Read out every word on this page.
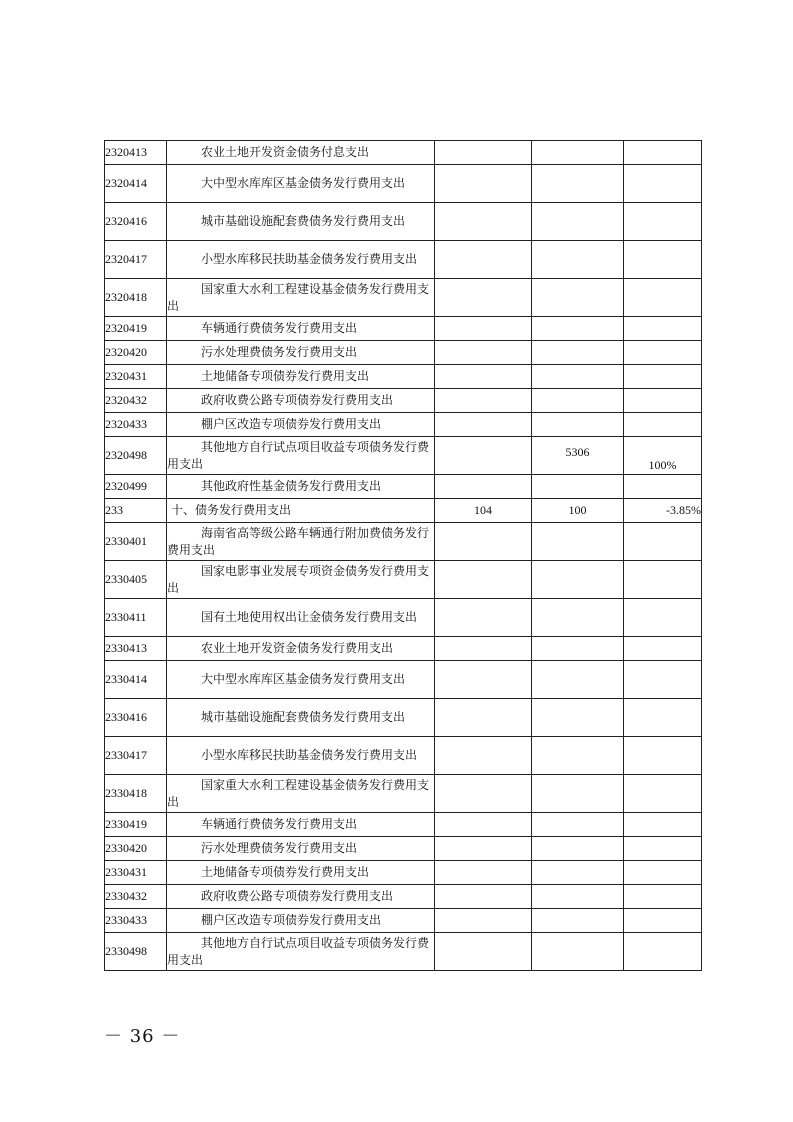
2320413	农业土地开发资金债务付息支出			
2320414	大中型水库库区基金债务发行费用支出			
2320416	城市基础设施配套费债务发行费用支出			
2320417	小型水库移民扶助基金债务发行费用支出			
2320418	国家重大水利工程建设基金债务发行费用支出			
2320419	车辆通行费债务发行费用支出			
2320420	污水处理费债务发行费用支出			
2320431	土地储备专项债券发行费用支出			
2320432	政府收费公路专项债券发行费用支出			
2320433	棚户区改造专项债券发行费用支出			
2320498	其他地方自行试点项目收益专项债务发行费用支出		5306	100%
2320499	其他政府性基金债务发行费用支出			
233	十、债务发行费用支出	104	100	-3.85%
2330401	海南省高等级公路车辆通行附加费债务发行费用支出			
2330405	国家电影事业发展专项资金债务发行费用支出			
2330411	国有土地使用权出让金债务发行费用支出			
2330413	农业土地开发资金债务发行费用支出			
2330414	大中型水库库区基金债务发行费用支出			
2330416	城市基础设施配套费债务发行费用支出			
2330417	小型水库移民扶助基金债务发行费用支出			
2330418	国家重大水利工程建设基金债务发行费用支出			
2330419	车辆通行费债务发行费用支出			
2330420	污水处理费债务发行费用支出			
2330431	土地储备专项债券发行费用支出			
2330432	政府收费公路专项债券发行费用支出			
2330433	棚户区改造专项债券发行费用支出			
2330498	其他地方自行试点项目收益专项债务发行费用支出			
－ 36 －
